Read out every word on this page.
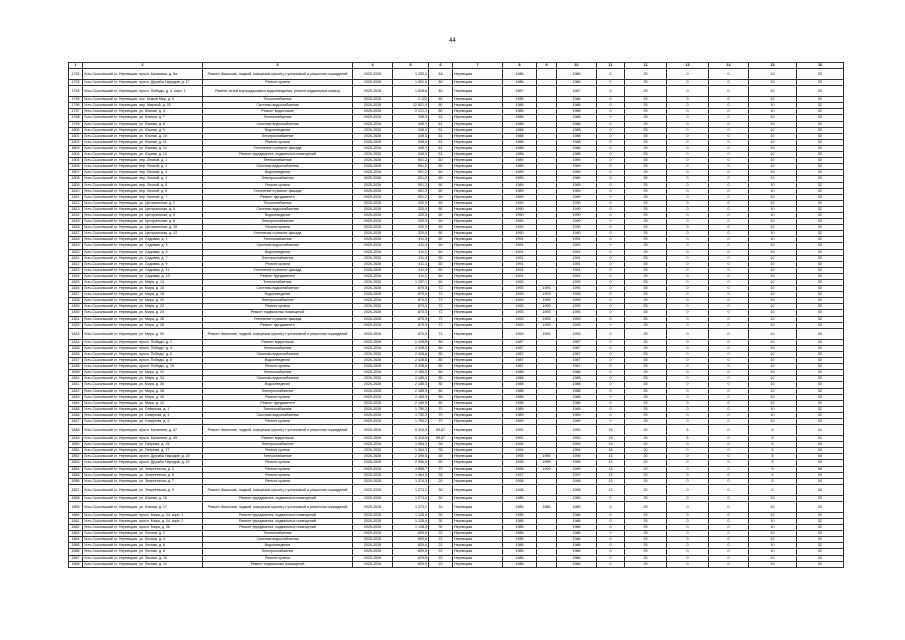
44
1	2	3	4	5	6	7	8	9	10	11	12	13	14	15	16
1792	Усть-Сысольский ст. Нерпецкая, просп. Калинина, д. 5а	Ремонт балконов, лоджий, козырьков крылец с установкой и ремонтом ограждений	2025-2026	1 250,0	18	Нерпецкая	1986		1986	0	25	0	0	10	52
1793	Усть-Сысольский ст. Нерпецкая, просп. Дружбы Народов, д. 17	Ремонт кровли	2025-2026	1 301,5	80	Нерпецкая	1986		1986	0	25	0	0	10	52
1794	Усть-Сысольский ст. Нерпецкая, просп. Победы, д. 4, корп. 1	Ремонт сетей внутридомового водоотведения, ремонт подвальных помещ	2025-2026	1 828,6	80	Нерпецкая	1967		1967	0	25	0	0	10	52
1795	Усть-Сысольский ст. Нерпецкая, пос. Новый Мир, д. 5	Теплоснабжение	2025-2026	2 122	80	Нерпецкая	1986		1986	0	25	0	0	10	52
1796	Усть-Сысольский ст. Нерпецкая, пер. Мирный, д. 25	Системы водоснабжения	2025-2026	12 821,0	80	Нерпецкая	1986		1986	0	25	0	0	10	52
1797	Усть-Сысольский ст. Нерпецкая, ул. Южная, д. 5	Ремонт водостоков	2025-2026	2 121,1	80	Нерпецкая	1988		1988	0	25	0	0	10	52
1798	Усть-Сысольский ст. Нерпецкая, ул. Южная, д. 7	Теплоснабжение	2025-2026	345,0	61	Нерпецкая	1988		1988	0	25	0	0	10	52
1799	Усть-Сысольский ст. Нерпецкая, ул. Южная, д. 8	Системы водоснабжения	2025-2026	345,0	61	Нерпецкая	1988		1988	0	25	0	0	10	52
1800	Усть-Сысольский ст. Нерпецкая, ул. Южная, д. 9	Водоотведение	2025-2026	345,0	61	Нерпецкая	1988		1988	0	25	0	0	10	52
1801	Усть-Сысольский ст. Нерпецкая, ул. Южная, д. 10	Электроснабжение	2025-2026	345,0	61	Нерпецкая	1988		1988	0	25	0	0	10	52
1802	Усть-Сысольский ст. Нерпецкая, ул. Южная, д. 11	Ремонт кровли	2025-2026	345,0	61	Нерпецкая	1988		1988	0	25	0	0	10	52
1803	Усть-Сысольский ст. Нерпецкая, ул. Южная, д. 12	Утепление и ремонт фасада	2025-2026	345,0	61	Нерпецкая	1988		1988	0	25	0	0	10	52
1804	Усть-Сысольский ст. Нерпецкая, ул. Южная, д. 13	Ремонт фундамента, подвальных помещений	2025-2026	345,0	61	Нерпецкая	1988		1988	0	25	0	0	10	52
1805	Усть-Сысольский ст. Нерпецкая, пер. Лесной, д. 1	Теплоснабжение	2025-2026	501,2	60	Нерпецкая	1989		1989	0	25	0	0	10	52
1806	Усть-Сысольский ст. Нерпецкая, пер. Лесной, д. 2	Системы водоснабжения	2025-2026	501,2	60	Нерпецкая	1989		1989	0	25	0	0	10	52
1807	Усть-Сысольский ст. Нерпецкая, пер. Лесной, д. 3	Водоотведение	2025-2026	501,2	60	Нерпецкая	1989		1989	0	25	0	0	10	52
1808	Усть-Сысольский ст. Нерпецкая, пер. Лесной, д. 4	Электроснабжение	2025-2026	501,2	60	Нерпецкая	1989		1989	0	25	0	0	10	52
1809	Усть-Сысольский ст. Нерпецкая, пер. Лесной, д. 5	Ремонт кровли	2025-2026	501,2	60	Нерпецкая	1989		1989	0	25	0	0	10	52
1810	Усть-Сысольский ст. Нерпецкая, пер. Лесной, д. 6	Утепление и ремонт фасада	2025-2026	501,2	60	Нерпецкая	1989		1989	0	25	0	0	10	52
1811	Усть-Сысольский ст. Нерпецкая, пер. Лесной, д. 7	Ремонт фундамента	2025-2026	501,2	60	Нерпецкая	1989		1989	0	25	0	0	10	52
1812	Усть-Сысольский ст. Нерпецкая, ул. Центральная, д. 2	Теплоснабжение	2025-2026	320,0	60	Нерпецкая	1990		1990	0	25	0	0	10	52
1813	Усть-Сысольский ст. Нерпецкая, ул. Центральная, д. 4	Системы водоснабжения	2025-2026	320,0	60	Нерпецкая	1990		1990	0	25	0	0	10	52
1814	Усть-Сысольский ст. Нерпецкая, ул. Центральная, д. 6	Водоотведение	2025-2026	320,0	60	Нерпецкая	1990		1990	0	25	0	0	10	52
1815	Усть-Сысольский ст. Нерпецкая, ул. Центральная, д. 8	Электроснабжение	2025-2026	320,0	60	Нерпецкая	1990		1990	0	25	0	0	10	52
1816	Усть-Сысольский ст. Нерпецкая, ул. Центральная, д. 10	Ремонт кровли	2025-2026	320,0	60	Нерпецкая	1990		1990	0	25	0	0	10	52
1817	Усть-Сысольский ст. Нерпецкая, ул. Центральная, д. 12	Утепление и ремонт фасада	2025-2026	320,0	60	Нерпецкая	1990		1990	0	25	0	0	10	52
1818	Усть-Сысольский ст. Нерпецкая, ул. Садовая, д. 1	Теплоснабжение	2025-2026	411,4	60	Нерпецкая	1991		1991	0	25	0	0	10	52
1819	Усть-Сысольский ст. Нерпецкая, ул. Садовая, д. 3	Системы водоснабжения	2025-2026	411,4	60	Нерпецкая	1991		1991	0	25	0	0	10	52
1820	Усть-Сысольский ст. Нерпецкая, ул. Садовая, д. 5	Водоотведение	2025-2026	411,4	60	Нерпецкая	1991		1991	0	25	0	0	10	52
1821	Усть-Сысольский ст. Нерпецкая, ул. Садовая, д. 7	Электроснабжение	2025-2026	411,4	60	Нерпецкая	1991		1991	0	25	0	0	10	52
1822	Усть-Сысольский ст. Нерпецкая, ул. Садовая, д. 9	Ремонт кровли	2025-2026	411,4	60	Нерпецкая	1991		1991	0	25	0	0	10	52
1823	Усть-Сысольский ст. Нерпецкая, ул. Садовая, д. 11	Утепление и ремонт фасада	2025-2026	411,4	60	Нерпецкая	1991		1991	0	25	0	0	10	52
1824	Усть-Сысольский ст. Нерпецкая, ул. Садовая, д. 13	Ремонт фундамента	2025-2026	411,4	60	Нерпецкая	1991		1991	0	25	0	0	10	52
1825	Усть-Сысольский ст. Нерпецкая, ул. Мира, д. 14	Теплоснабжение	2025-2026	1 237,1	60	Нерпецкая	1993		1993	0	25	0	0	10	52
1826	Усть-Сысольский ст. Нерпецкая, ул. Мира, д. 16	Системы водоснабжения	2025-2026	870,5	72	Нерпецкая	1993	1993	1993	0	25	0	0	10	52
1827	Усть-Сысольский ст. Нерпецкая, ул. Мира, д. 18	Водоотведение	2025-2026	870,5	72	Нерпецкая	1993	1993	1993	0	25	0	0	10	52
1828	Усть-Сысольский ст. Нерпецкая, ул. Мира, д. 20	Электроснабжение	2025-2026	870,5	72	Нерпецкая	1993	1993	1993	0	25	0	0	10	52
1829	Усть-Сысольский ст. Нерпецкая, ул. Мира, д. 22	Ремонт кровли	2025-2026	870,5	72	Нерпецкая	1993	1993	1993	0	25	0	0	10	52
1830	Усть-Сысольский ст. Нерпецкая, ул. Мира, д. 24	Ремонт подвальных помещений	2025-2026	870,5	72	Нерпецкая	1993	1993	1993	0	25	0	0	10	52
1831	Усть-Сысольский ст. Нерпецкая, ул. Мира, д. 26	Утепление и ремонт фасада	2025-2026	870,5	72	Нерпецкая	1993	1993	1993	0	25	0	0	10	52
1832	Усть-Сысольский ст. Нерпецкая, ул. Мира, д. 28	Ремонт фундамента	2025-2026	870,5	72	Нерпецкая	1993	1993	1993	0	25	0	0	10	52
1833	Усть-Сысольский ст. Нерпецкая, ул. Мира, д. 30	Ремонт балконов, лоджий, козырьков крылец с установкой и ремонтом ограждений	2025-2026	870,5	72	Нерпецкая	1993	1993	1993	0	25	0	0	10	52
1834	Усть-Сысольский ст. Нерпецкая, просп. Победы, д. 2	Ремонт водостоков	2025-2026	2 428,8	80	Нерпецкая	1987		1987	0	25	0	0	10	52
1835	Усть-Сысольский ст. Нерпецкая, просп. Победы, д. 4	Теплоснабжение	2025-2026	2 428,8	80	Нерпецкая	1987		1987	0	25	0	0	10	52
1836	Усть-Сысольский ст. Нерпецкая, просп. Победы, д. 6	Системы водоснабжения	2025-2026	2 428,8	80	Нерпецкая	1987		1987	0	25	0	0	10	52
1837	Усть-Сысольский ст. Нерпецкая, просп. Победы, д. 8	Водоотведение	2025-2026	2 428,8	80	Нерпецкая	1987		1987	0	25	0	0	10	52
1838	Усть-Сысольский ст. Нерпецкая, просп. Победы, д. 10	Ремонт кровли	2025-2026	2 428,8	80	Нерпецкая	1987		1987	0	25	0	0	10	52
1839	Усть-Сысольский ст. Нерпецкая, ул. Мира, д. 32	Теплоснабжение	2025-2026	2 185,5	80	Нерпецкая	1988		1988	0	25	0	0	10	52
1840	Усть-Сысольский ст. Нерпецкая, ул. Мира, д. 34	Системы водоснабжения	2025-2026	2 185,5	80	Нерпецкая	1988		1988	0	25	0	0	10	52
1841	Усть-Сысольский ст. Нерпецкая, ул. Мира, д. 36	Водоотведение	2025-2026	2 185,5	80	Нерпецкая	1988		1988	0	25	0	0	10	52
1842	Усть-Сысольский ст. Нерпецкая, ул. Мира, д. 38	Электроснабжение	2025-2026	2 185,5	80	Нерпецкая	1988		1988	0	25	0	0	10	52
1843	Усть-Сысольский ст. Нерпецкая, ул. Мира, д. 40	Ремонт кровли	2025-2026	2 185,5	80	Нерпецкая	1988		1988	0	25	0	0	10	52
1844	Усть-Сысольский ст. Нерпецкая, ул. Мира, д. 42	Ремонт фундамента	2025-2026	2 185,5	80	Нерпецкая	1988		1988	0	25	0	0	10	52
1845	Усть-Сысольский ст. Нерпецкая, ул. Северная, д. 1	Теплоснабжение	2025-2026	1 750,2	70	Нерпецкая	1989		1989	0	25	0	0	10	52
1846	Усть-Сысольский ст. Нерпецкая, ул. Северная, д. 3	Системы водоснабжения	2025-2026	1 750,2	70	Нерпецкая	1989		1989	0	25	0	0	10	52
1847	Усть-Сысольский ст. Нерпецкая, ул. Северная, д. 5	Ремонт кровли	2025-2026	1 750,2	70	Нерпецкая	1989		1989	0	25	0	0	10	52
1848	Усть-Сысольский ст. Нерпецкая, просп. Калинина, д. 47	Ремонт балконов, лоджий, козырьков крылец с установкой и ремонтом ограждений	2025-2026	5 315,5	55,87	Нерпецкая	1992		1992	15	20	5	0	5	51
1849	Усть-Сысольский ст. Нерпецкая, просп. Калинина, д. 49	Ремонт водостоков	2025-2026	5 315,5	55,87	Нерпецкая	1992		1992	15	20	5	0	5	51
1850	Усть-Сысольский ст. Нерпецкая, ул. Озёрная, д. 15	Электроснабжение	2025-2026	1 364,3	35	Нерпецкая	1994		1994	15	20	0	0	5	54
1851	Усть-Сысольский ст. Нерпецкая, ул. Озёрная, д. 17	Ремонт кровли	2025-2026	1 364,3	35	Нерпецкая	1994		1994	15	20	0	0	5	54
1852	Усть-Сысольский ст. Нерпецкая, просп. Дружбы Народов, д. 20	Теплоснабжение	2025-2026	2 396,5	50	Нерпецкая	1995	1995	1995	13	20	0	0	5	54
1853	Усть-Сысольский ст. Нерпецкая, просп. Дружбы Народов, д. 22	Ремонт кровли	2025-2026	2 396,5	50	Нерпецкая	1995	1995	1995	13	20	0	0	5	54
1854	Усть-Сысольский ст. Нерпецкая, ул. Энергетиков, д. 3	Ремонт кровли	2025-2026	4 898,7	70	Нерпецкая	1996	1999	1999	13	20	0	0	5	54
1855	Усть-Сысольский ст. Нерпецкая, ул. Энергетиков, д. 5	Ремонт кровли	2025-2026	1 364,3	35	Нерпецкая	1997		1997	13	20	0	0	5	54
1856	Усть-Сысольский ст. Нерпецкая, ул. Энергетиков, д. 7	Ремонт кровли	2025-2026	1 374,3	20	Нерпецкая	1998		1998	13	20	0	0	5	54
1857	Усть-Сысольский ст. Нерпецкая, ул. Энергетиков, д. 9	Ремонт балконов, лоджий, козырьков крылец с установкой и ремонтом ограждений	2025-2026	1 273,2	30	Нерпецкая	1998		1998	13	20	0	0	5	54
1858	Усть-Сысольский ст. Нерпецкая, ул. Южная, д. 15	Ремонт фундамента, подвальных помещений	2025-2026	1 273,2	30	Нерпецкая	1985		1985	0	25	0	0	10	52
1859	Усть-Сысольский ст. Нерпецкая, ул. Южная, д. 17	Ремонт балконов, лоджий, козырьков крылец с установкой и ремонтом ограждений	2025-2026	1 273,2	30	Нерпецкая	1985	1985	1985	0	25	0	0	10	52
1860	Усть-Сысольский ст. Нерпецкая, просп. Мира, д. 34, корп. 1	Ремонт фундамента, подвальных помещений	2025-2026	1 128,4	30	Нерпецкая	1986		1986	0	25	0	0	10	52
1861	Усть-Сысольский ст. Нерпецкая, просп. Мира, д. 34, корп. 2	Ремонт фундамента, подвальных помещений	2025-2026	1 128,4	30	Нерпецкая	1986		1986	0	25	0	0	10	52
1862	Усть-Сысольский ст. Нерпецкая, просп. Мира, д. 36	Ремонт фундамента, подвальных помещений	2025-2026	1 128,4	30	Нерпецкая	1986		1986	0	25	0	0	10	52
1863	Усть-Сысольский ст. Нерпецкая, ул. Лесная, д. 2	Теплоснабжение	2025-2026	829,6	22	Нерпецкая	1986		1986	0	25	0	0	10	52
1864	Усть-Сысольский ст. Нерпецкая, ул. Лесная, д. 4	Системы водоснабжения	2025-2026	829,6	22	Нерпецкая	1986		1986	0	25	0	0	10	52
1865	Усть-Сысольский ст. Нерпецкая, ул. Лесная, д. 6	Водоотведение	2025-2026	829,6	22	Нерпецкая	1986		1986	0	25	0	0	10	52
1866	Усть-Сысольский ст. Нерпецкая, ул. Лесная, д. 8	Электроснабжение	2025-2026	829,6	22	Нерпецкая	1986		1986	0	25	0	0	10	52
1867	Усть-Сысольский ст. Нерпецкая, ул. Лесная, д. 10	Ремонт кровли	2025-2026	829,6	22	Нерпецкая	1986		1986	0	25	0	0	10	52
1868	Усть-Сысольский ст. Нерпецкая, ул. Лесная, д. 12	Ремонт подвальных помещений	2025-2026	829,6	22	Нерпецкая	1986		1986	0	25	0	0	10	52
